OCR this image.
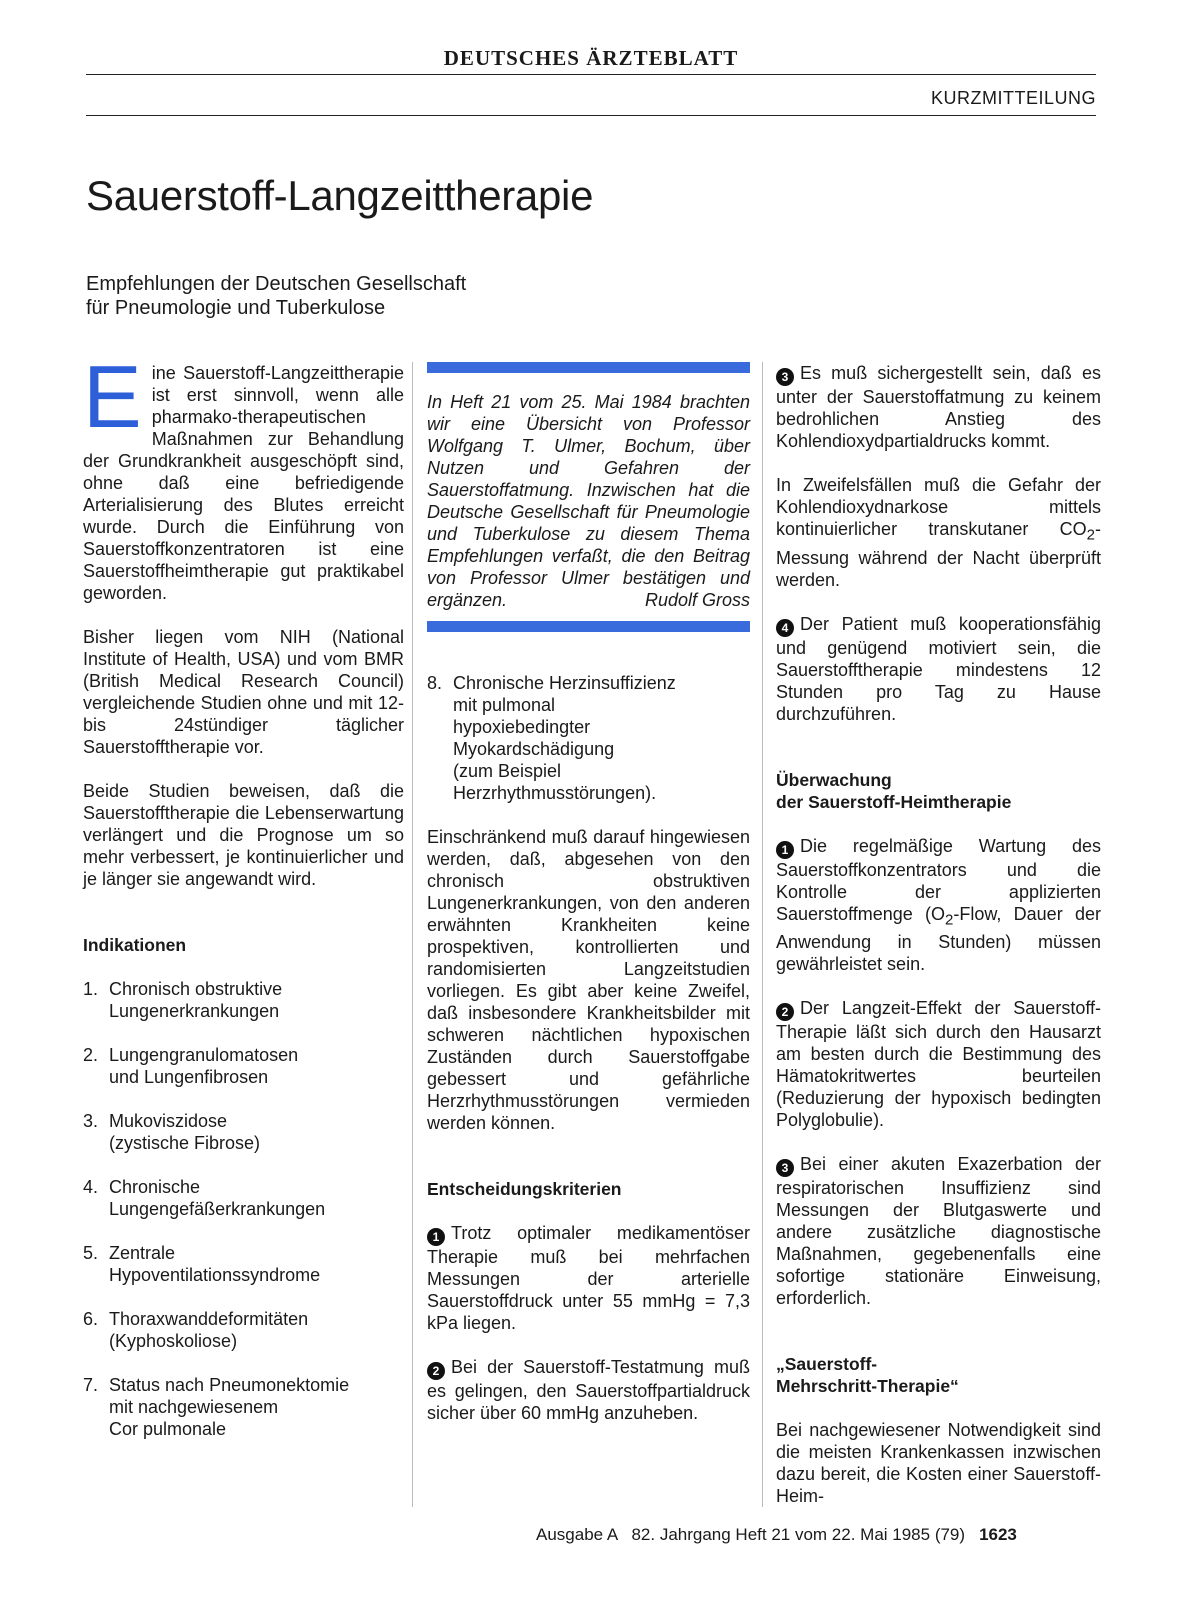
DEUTSCHES ÄRZTEBLATT
KURZMITTEILUNG
Sauerstoff-Langzeittherapie
Empfehlungen der Deutschen Gesellschaft
für Pneumologie und Tuberkulose

Eine Sauerstoff-Langzeittherapie ist erst sinnvoll, wenn alle pharmako-therapeutischen Maßnahmen zur Behandlung der Grundkrankheit ausgeschöpft sind, ohne daß eine befriedigende Arterialisierung des Blutes erreicht wurde. Durch die Einführung von Sauerstoffkonzentratoren ist eine Sauerstoffheimtherapie gut praktikabel geworden.

Bisher liegen vom NIH (National Institute of Health, USA) und vom BMR (British Medical Research Council) vergleichende Studien ohne und mit 12- bis 24stündiger täglicher Sauerstofftherapie vor.

Beide Studien beweisen, daß die Sauerstofftherapie die Lebenserwartung verlängert und die Prognose um so mehr verbessert, je kontinuierlicher und je länger sie angewandt wird.

Indikationen
1. Chronisch obstruktive
Lungenerkrankungen
2. Lungengranulomatosen
und Lungenfibrosen
3. Mukoviszidose
(zystische Fibrose)
4. Chronische
Lungengefäßerkrankungen
5. Zentrale
Hypoventilationssyndrome
6. Thoraxwanddeformitäten
(Kyphoskoliose)
7. Status nach Pneumonektomie
mit nachgewiesenem
Cor pulmonale
In Heft 21 vom 25. Mai 1984 brachten wir eine Übersicht von Professor Wolfgang T. Ulmer, Bochum, über Nutzen und Gefahren der Sauerstoffatmung. Inzwischen hat die Deutsche Gesellschaft für Pneumologie und Tuberkulose zu diesem Thema Empfehlungen verfaßt, die den Beitrag von Professor Ulmer bestätigen und ergänzen.	Rudolf Gross
8. Chronische Herzinsuffizienz
mit pulmonal
hypoxiebedingter
Myokardschädigung
(zum Beispiel
Herzrhythmusstörungen).

Einschränkend muß darauf hingewiesen werden, daß, abgesehen von den chronisch obstruktiven Lungenerkrankungen, von den anderen erwähnten Krankheiten keine prospektiven, kontrollierten und randomisierten Langzeitstudien vorliegen. Es gibt aber keine Zweifel, daß insbesondere Krankheitsbilder mit schweren nächtlichen hypoxischen Zuständen durch Sauerstoffgabe gebessert und gefährliche Herzrhythmusstörungen vermieden werden können.

Entscheidungskriterien

1 Trotz optimaler medikamentöser Therapie muß bei mehrfachen Messungen der arterielle Sauerstoffdruck unter 55 mmHg = 7,3 kPa liegen.

2 Bei der Sauerstoff-Testatmung muß es gelingen, den Sauerstoffpartialdruck sicher über 60 mmHg anzuheben.

3 Es muß sichergestellt sein, daß es unter der Sauerstoffatmung zu keinem bedrohlichen Anstieg des Kohlendioxydpartialdrucks kommt.

In Zweifelsfällen muß die Gefahr der Kohlendioxydnarkose mittels kontinuierlicher transkutaner $CO_2$-Messung während der Nacht überprüft werden.

4 Der Patient muß kooperationsfähig und genügend motiviert sein, die Sauerstofftherapie mindestens 12 Stunden pro Tag zu Hause durchzuführen.

Überwachung
der Sauerstoff-Heimtherapie

1 Die regelmäßige Wartung des Sauerstoffkonzentrators und die Kontrolle der applizierten Sauerstoffmenge ($O_2$-Flow, Dauer der Anwendung in Stunden) müssen gewährleistet sein.

2 Der Langzeit-Effekt der Sauerstoff-Therapie läßt sich durch den Hausarzt am besten durch die Bestimmung des Hämatokritwertes beurteilen (Reduzierung der hypoxisch bedingten Polyglobulie).

3 Bei einer akuten Exazerbation der respiratorischen Insuffizienz sind Messungen der Blutgaswerte und andere zusätzliche diagnostische Maßnahmen, gegebenenfalls eine sofortige stationäre Einweisung, erforderlich.

„Sauerstoff-
Mehrschritt-Therapie“

Bei nachgewiesener Notwendigkeit sind die meisten Krankenkassen inzwischen dazu bereit, die Kosten einer Sauerstoff-Heim-

Ausgabe A   82. Jahrgang Heft 21 vom 22. Mai 1985 (79) 1623
